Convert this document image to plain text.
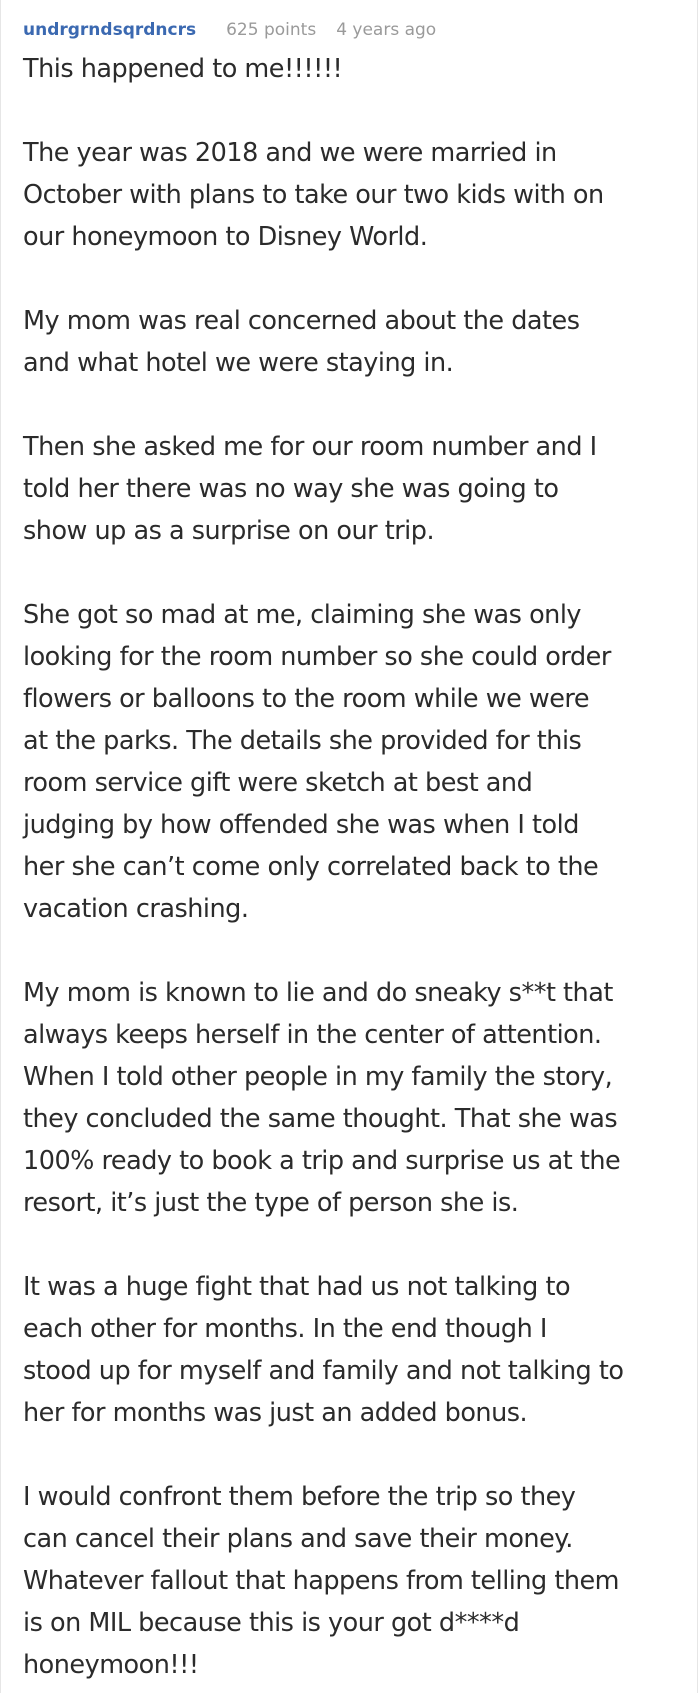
undrgrndsqrdncrs 625 points 4 years ago
This happened to me!!!!!!
The year was 2018 and we were married in
October with plans to take our two kids with on
our honeymoon to Disney World.
My mom was real concerned about the dates
and what hotel we were staying in.
Then she asked me for our room number and I
told her there was no way she was going to
show up as a surprise on our trip.
She got so mad at me, claiming she was only
looking for the room number so she could order
flowers or balloons to the room while we were
at the parks. The details she provided for this
room service gift were sketch at best and
judging by how offended she was when I told
her she can’t come only correlated back to the
vacation crashing.
My mom is known to lie and do sneaky s**t that
always keeps herself in the center of attention.
When I told other people in my family the story,
they concluded the same thought. That she was
100% ready to book a trip and surprise us at the
resort, it’s just the type of person she is.
It was a huge fight that had us not talking to
each other for months. In the end though I
stood up for myself and family and not talking to
her for months was just an added bonus.
I would confront them before the trip so they
can cancel their plans and save their money.
Whatever fallout that happens from telling them
is on MIL because this is your got d****d
honeymoon!!!
